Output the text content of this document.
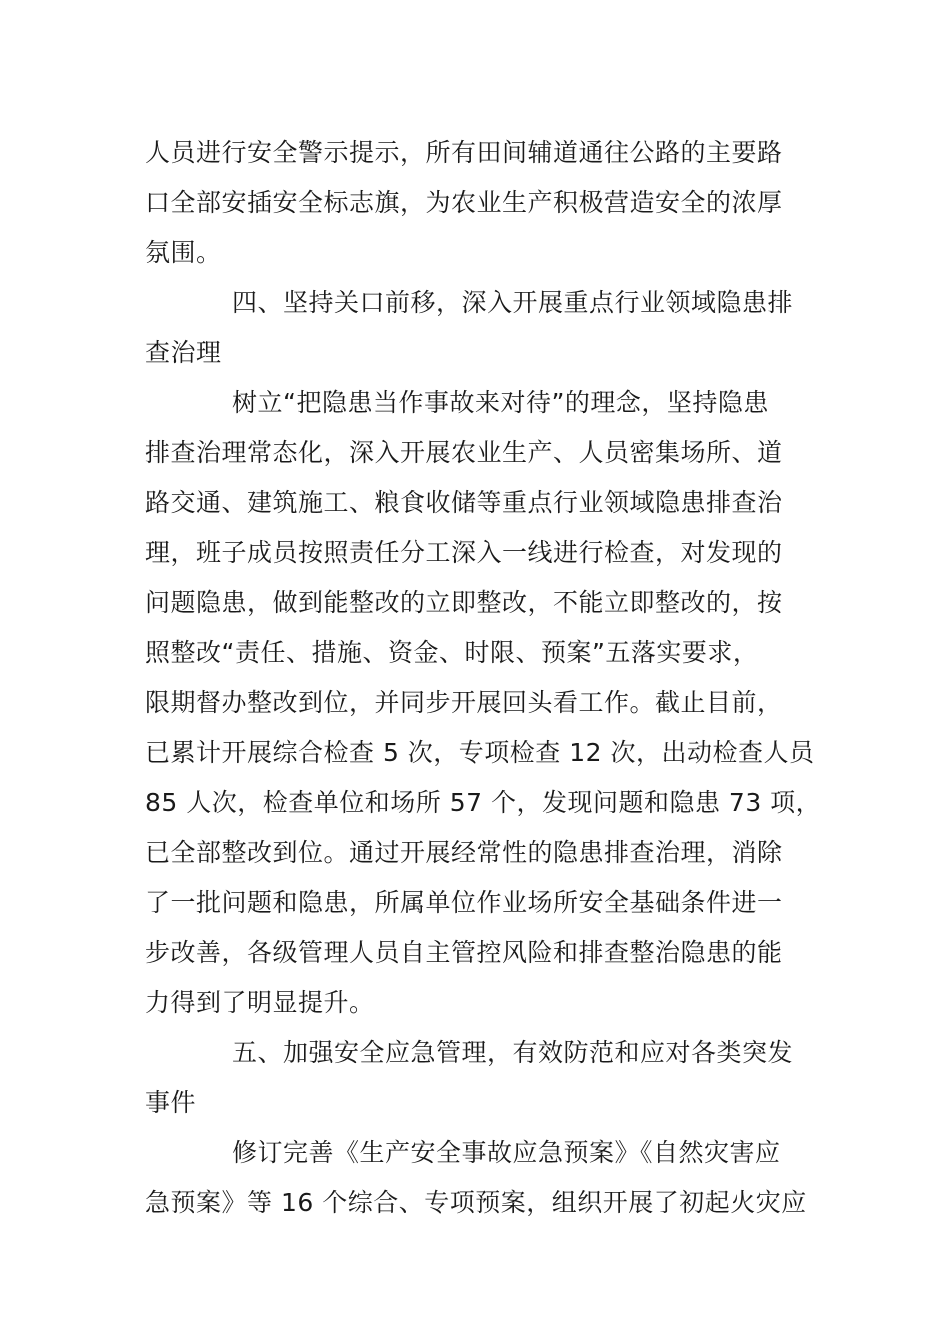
人员进行安全警示提示，所有田间辅道通往公路的主要路
口全部安插安全标志旗，为农业生产积极营造安全的浓厚
氛围。
四、坚持关口前移，深入开展重点行业领域隐患排
查治理
树立“把隐患当作事故来对待”的理念，坚持隐患
排查治理常态化，深入开展农业生产、人员密集场所、道
路交通、建筑施工、粮食收储等重点行业领域隐患排查治
理，班子成员按照责任分工深入一线进行检查，对发现的
问题隐患，做到能整改的立即整改，不能立即整改的，按
照整改“责任、措施、资金、时限、预案”五落实要求，
限期督办整改到位，并同步开展回头看工作。截止目前，
已累计开展综合检查 5 次，专项检查 12 次，出动检查人员
85 人次，检查单位和场所 57 个，发现问题和隐患 73 项，
已全部整改到位。通过开展经常性的隐患排查治理，消除
了一批问题和隐患，所属单位作业场所安全基础条件进一
步改善，各级管理人员自主管控风险和排查整治隐患的能
力得到了明显提升。
五、加强安全应急管理，有效防范和应对各类突发
事件
修订完善《生产安全事故应急预案》《自然灾害应
急预案》等 16 个综合、专项预案，组织开展了初起火灾应
